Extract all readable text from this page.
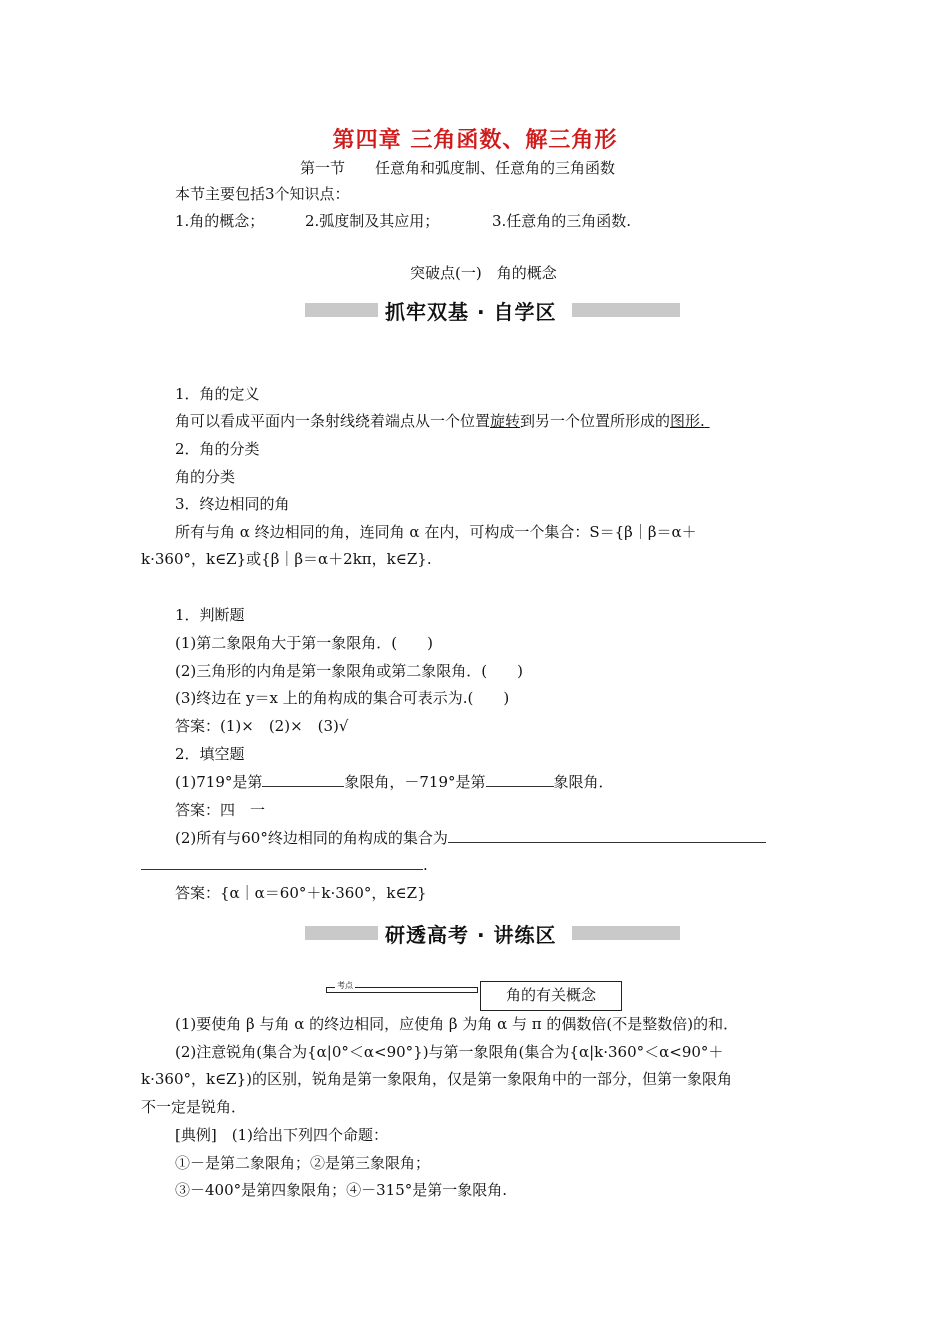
第四章 三角函数、解三角形
第一节　　任意角和弧度制、任意角的三角函数
本节主要包括3个知识点：
1.角的概念；	2.弧度制及其应用；	3.任意角的三角函数.
突破点(一)　角的概念
抓牢双基 · 自学区
1．角的定义
角可以看成平面内一条射线绕着端点从一个位置旋转到另一个位置所形成的图形.
2．角的分类
角的分类
3．终边相同的角
所有与角 α 终边相同的角，连同角 α 在内，可构成一个集合：S＝{β｜β＝α＋
k·360°，k∈Z}或{β｜β＝α＋2kπ，k∈Z}.
1．判断题
(1)第二象限角大于第一象限角．(　　)
(2)三角形的内角是第一象限角或第二象限角．(　　)
(3)终边在 y＝x 上的角构成的集合可表示为.(　　)
答案：(1)×　(2)×　(3)√
2．填空题
(1)719°是第	象限角，－719°是第	象限角．
答案：四　一
(2)所有与60°终边相同的角构成的集合为
.
答案：{α｜α＝60°＋k·360°，k∈Z}
研透高考 · 讲练区
考点
角的有关概念
(1)要使角 β 与角 α 的终边相同，应使角 β 为角 α 与 π 的偶数倍(不是整数倍)的和．
(2)注意锐角(集合为{α|0°＜α<90°})与第一象限角(集合为{α|k·360°＜α<90°＋
k·360°，k∈Z})的区别，锐角是第一象限角，仅是第一象限角中的一部分，但第一象限角
不一定是锐角．
[典例]　(1)给出下列四个命题：
①－是第二象限角；②是第三象限角；
③－400°是第四象限角；④－315°是第一象限角.
